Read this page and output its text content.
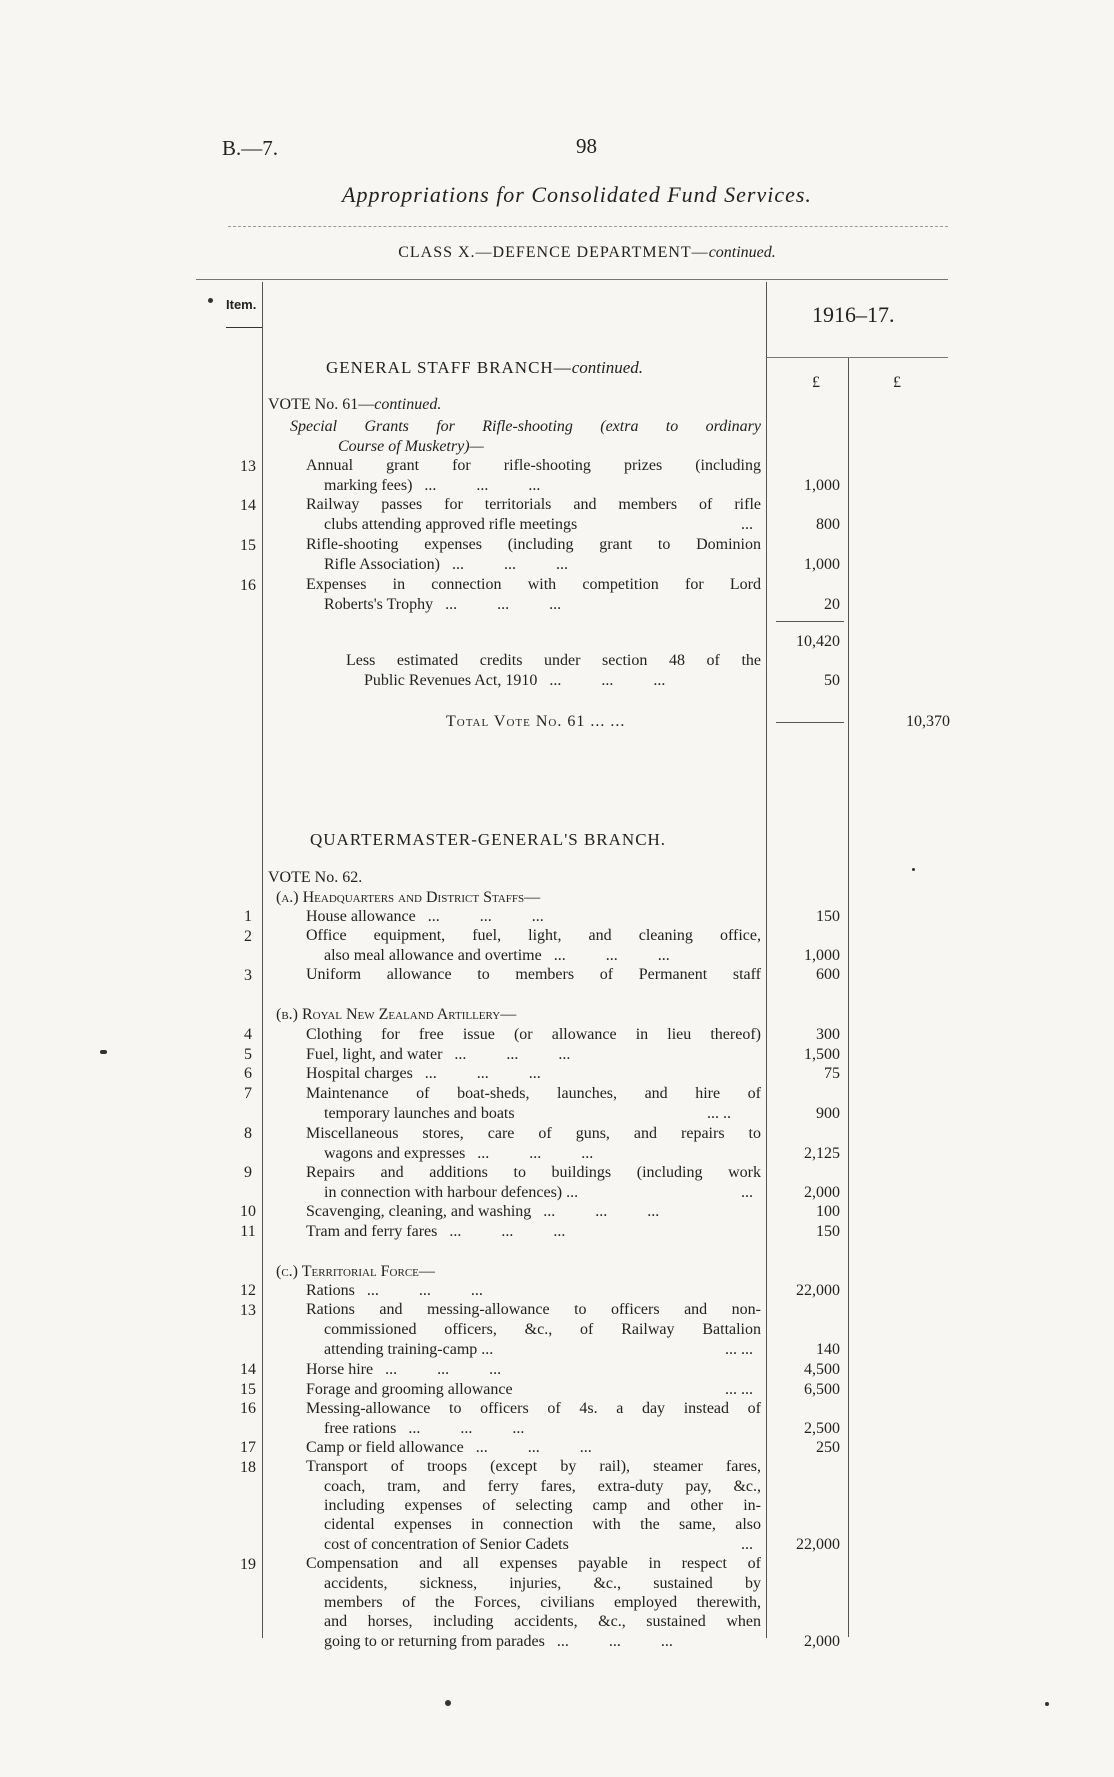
B.—7.	98
Appropriations for Consolidated Fund Services.
CLASS X.—DEFENCE DEPARTMENT—continued.
Item.	1916–17.
£	£
GENERAL STAFF BRANCH—continued.
VOTE No. 61—continued.
Special Grants for Rifle-shooting (extra to ordinary
Course of Musketry)—
13	Annual grant for rifle-shooting prizes (including
marking fees) ...	1,000
14	Railway passes for territorials and members of rifle
clubs attending approved rifle meetings	...	800
15	Rifle-shooting expenses (including grant to Dominion
Rifle Association) ...	1,000
16	Expenses in connection with competition for Lord
Roberts's Trophy ...	20
10,420
Less estimated credits under section 48 of the
Public Revenues Act, 1910 ...	50
Total Vote No. 61 ... ...	10,370
QUARTERMASTER-GENERAL'S BRANCH.
VOTE No. 62.
(a.) Headquarters and District Staffs—
1	House allowance ...	150
2	Office equipment, fuel, light, and cleaning office,
also meal allowance and overtime ...	1,000
3	Uniform allowance to members of Permanent staff	600
(b.) Royal New Zealand Artillery—
4	Clothing for free issue (or allowance in lieu thereof)	300
5	Fuel, light, and water ...	1,500
6	Hospital charges ...	75
7	Maintenance of boat-sheds, launches, and hire of
temporary launches and boats	... ..	900
8	Miscellaneous stores, care of guns, and repairs to
wagons and expresses ...	2,125
9	Repairs and additions to buildings (including work
in connection with harbour defences) ...	...	2,000
10	Scavenging, cleaning, and washing ...	100
11	Tram and ferry fares ...	150
(c.) Territorial Force—
12	Rations ...	22,000
13	Rations and messing-allowance to officers and non-
commissioned officers, &c., of Railway Battalion
attending training-camp ...	... ...	140
14	Horse hire ...	4,500
15	Forage and grooming allowance	... ...	6,500
16	Messing-allowance to officers of 4s. a day instead of
free rations ...	2,500
17	Camp or field allowance ...	250
18	Transport of troops (except by rail), steamer fares,
coach, tram, and ferry fares, extra-duty pay, &c.,
including expenses of selecting camp and other in-
cidental expenses in connection with the same, also
cost of concentration of Senior Cadets	...	22,000
19	Compensation and all expenses payable in respect of
accidents, sickness, injuries, &c., sustained by
members of the Forces, civilians employed therewith,
and horses, including accidents, &c., sustained when
going to or returning from parades ...	2,000
